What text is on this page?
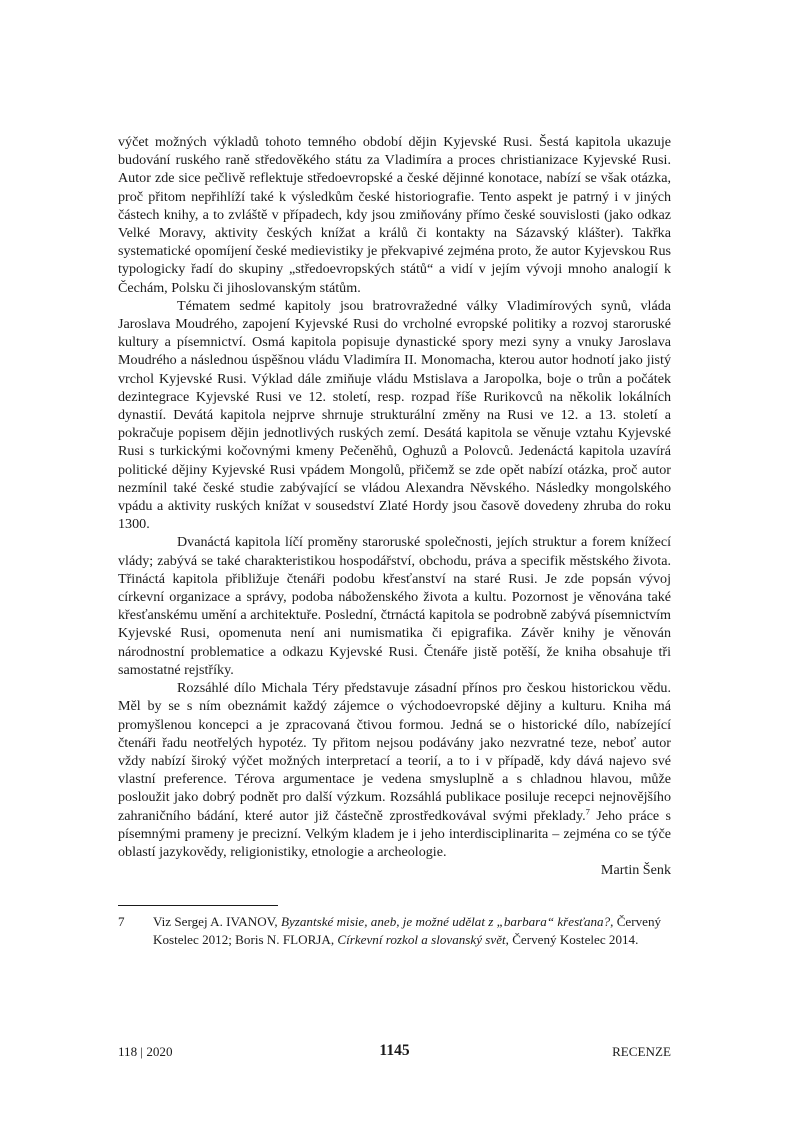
výčet možných výkladů tohoto temného období dějin Kyjevské Rusi. Šestá kapitola ukazuje budování ruského raně středověkého státu za Vladimíra a proces christianizace Kyjevské Rusi. Autor zde sice pečlivě reflektuje středoevropské a české dějinné konotace, nabízí se však otázka, proč přitom nepřihlíží také k výsledkům české historiografie. Tento aspekt je patrný i v jiných částech knihy, a to zvláště v případech, kdy jsou zmiňovány přímo české souvislosti (jako odkaz Velké Moravy, aktivity českých knížat a králů či kontakty na Sázavský klášter). Takřka systematické opomíjení české medievistiky je překvapivé zejména proto, že autor Kyjevskou Rus typologicky řadí do skupiny „středoevropských států“ a vidí v jejím vývoji mnoho analogií k Čechám, Polsku či jihoslovanským státům.

Tématem sedmé kapitoly jsou bratrovražedné války Vladimírových synů, vláda Jaroslava Moudrého, zapojení Kyjevské Rusi do vrcholné evropské politiky a rozvoj staroruské kultury a písemnictví. Osmá kapitola popisuje dynastické spory mezi syny a vnuky Jaroslava Moudrého a následnou úspěšnou vládu Vladimíra II. Monomacha, kterou autor hodnotí jako jistý vrchol Kyjevské Rusi. Výklad dále zmiňuje vládu Mstislava a Jaropolka, boje o trůn a počátek dezintegrace Kyjevské Rusi ve 12. století, resp. rozpad říše Rurikovců na několik lokálních dynastií. Devátá kapitola nejprve shrnuje strukturální změny na Rusi ve 12. a 13. století a pokračuje popisem dějin jednotlivých ruských zemí. Desátá kapitola se věnuje vztahu Kyjevské Rusi s turkickými kočovnými kmeny Pečeněhů, Oghuzů a Polovců. Jedenáctá kapitola uzavírá politické dějiny Kyjevské Rusi vpádem Mongolů, přičemž se zde opět nabízí otázka, proč autor nezmínil také české studie zabývající se vládou Alexandra Něvského. Následky mongolského vpádu a aktivity ruských knížat v sousedství Zlaté Hordy jsou časově dovedeny zhruba do roku 1300.

Dvanáctá kapitola líčí proměny staroruské společnosti, jejích struktur a forem knížecí vlády; zabývá se také charakteristikou hospodářství, obchodu, práva a specifik městského života. Třináctá kapitola přibližuje čtenáři podobu křesťanství na staré Rusi. Je zde popsán vývoj církevní organizace a správy, podoba náboženského života a kultu. Pozornost je věnována také křesťanskému umění a architektuře. Poslední, čtrnáctá kapitola se podrobně zabývá písemnictvím Kyjevské Rusi, opomenuta není ani numismatika či epigrafika. Závěr knihy je věnován národnostní problematice a odkazu Kyjevské Rusi. Čtenáře jistě potěší, že kniha obsahuje tři samostatné rejstříky.

Rozsáhlé dílo Michala Téry představuje zásadní přínos pro českou historickou vědu. Měl by se s ním obeznámit každý zájemce o východoevropské dějiny a kulturu. Kniha má promyšlenou koncepci a je zpracovaná čtivou formou. Jedná se o historické dílo, nabízející čtenáři řadu neotřelých hypotéz. Ty přitom nejsou podávány jako nezvratné teze, neboť autor vždy nabízí široký výčet možných interpretací a teorií, a to i v případě, kdy dává najevo své vlastní preference. Térova argumentace je vedena smysluplně a s chladnou hlavou, může posloužit jako dobrý podnět pro další výzkum. Rozsáhlá publikace posiluje recepci nejnovějšího zahraničního bádání, které autor již částečně zprostředkovával svými překlady.$^7$ Jeho práce s písemnými prameny je precizní. Velkým kladem je i jeho interdisciplinarita – zejména co se týče oblastí jazykovědy, religionistiky, etnologie a archeologie.

Martin Šenk

7 Viz Sergej A. IVANOV, Byzantské misie, aneb, je možné udělat z „barbara“ křesťana?, Červený Kostelec 2012; Boris N. FLORJA, Církevní rozkol a slovanský svět, Červený Kostelec 2014.
118 | 2020	1145	RECENZE
